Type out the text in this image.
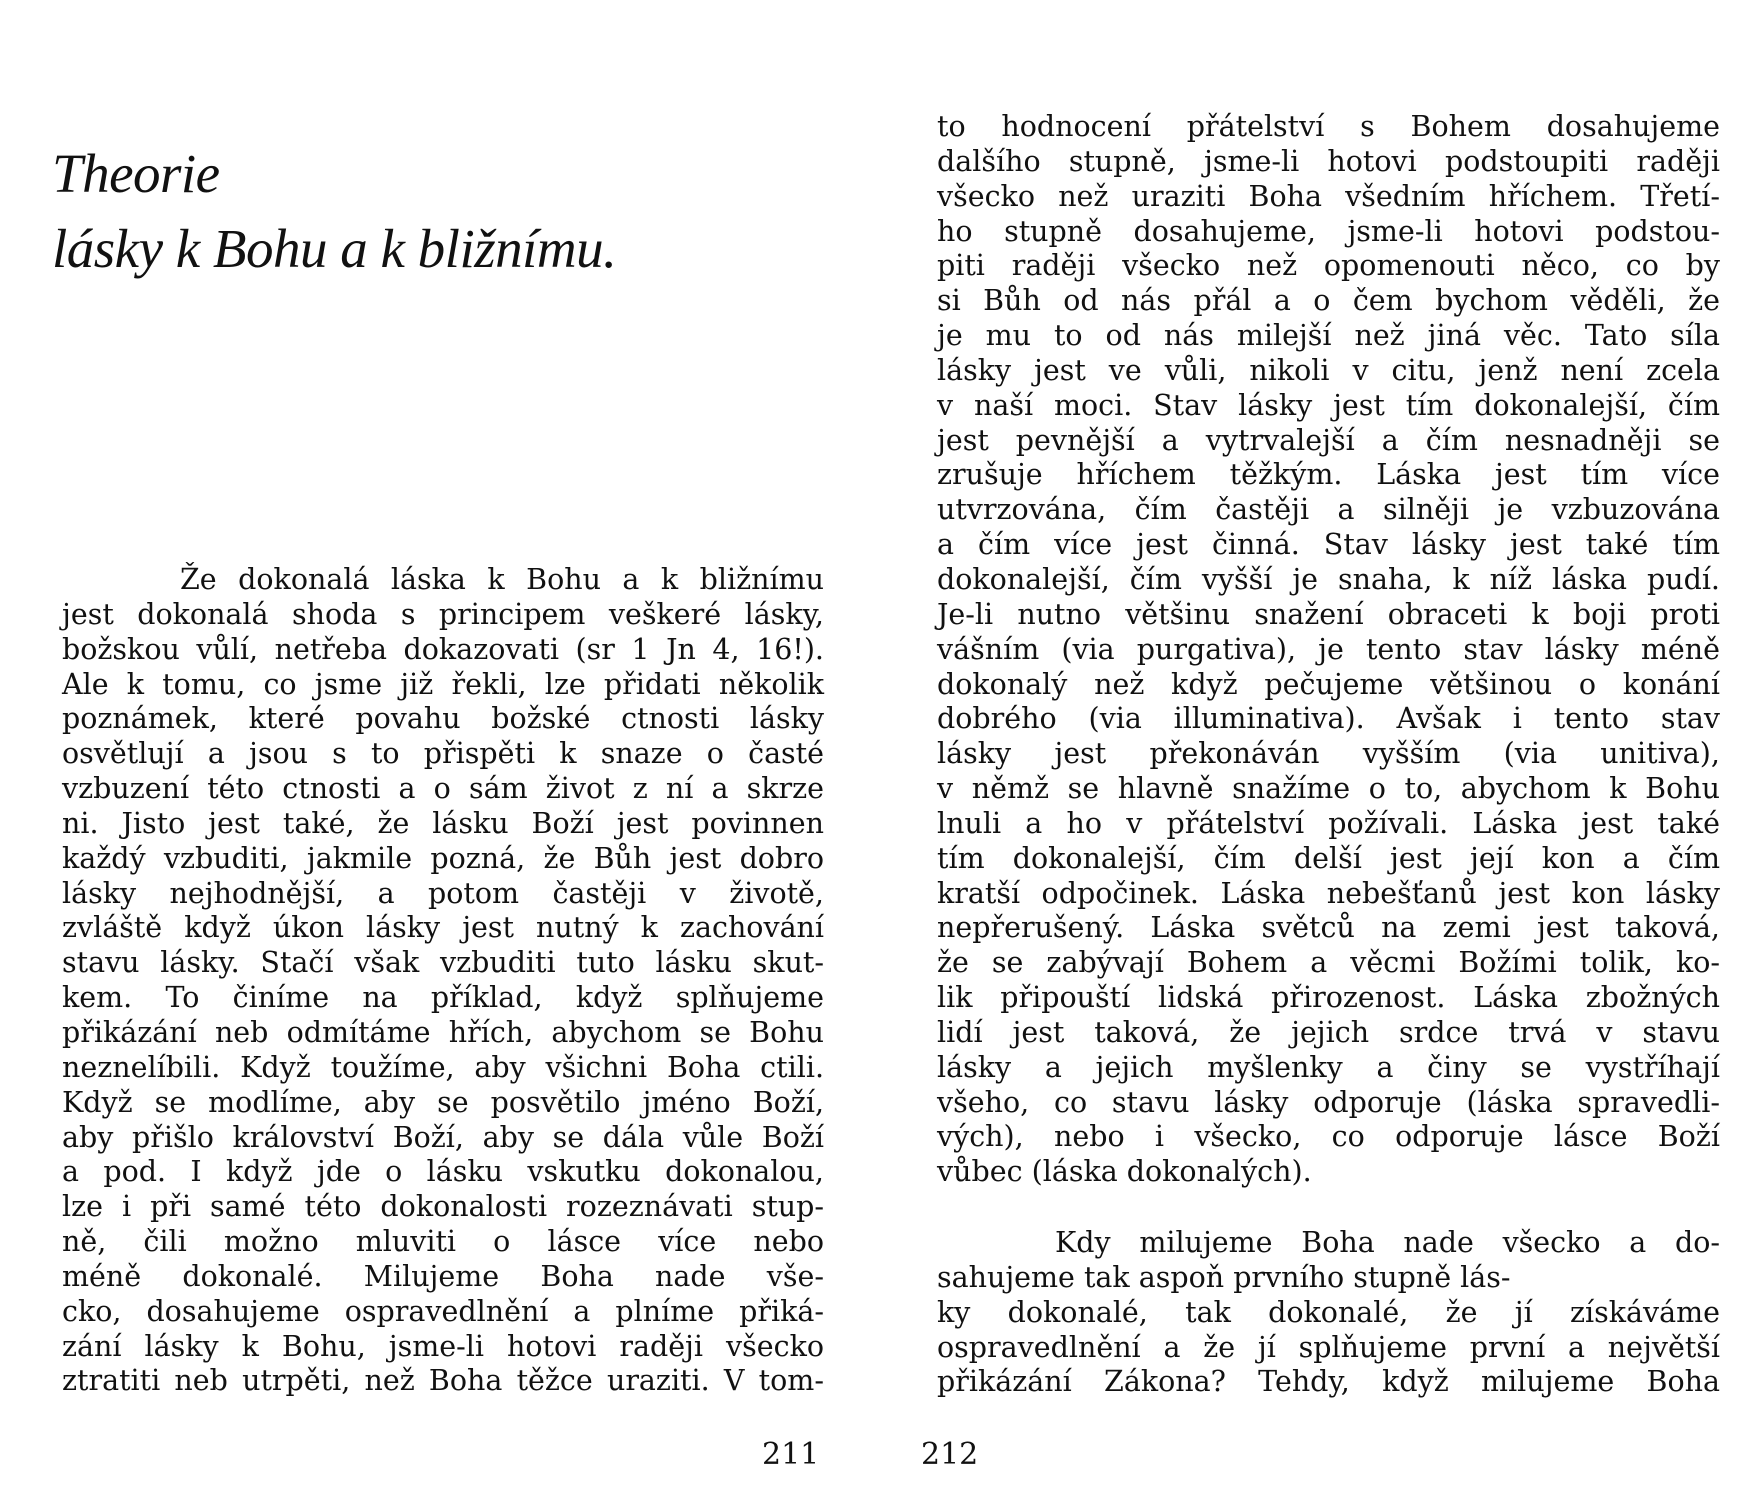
Theorie
lásky k Bohu a k bližnímu.
Že dokonalá láska k Bohu a k bližnímu
jest dokonalá shoda s principem veškeré lásky,
božskou vůlí, netřeba dokazovati (sr 1 Jn 4, 16!).
Ale k tomu, co jsme již řekli, lze přidati několik
poznámek, které povahu božské ctnosti lásky
osvětlují a jsou s to přispěti k snaze o časté
vzbuzení této ctnosti a o sám život z ní a skrze
ni. Jisto jest také, že lásku Boží jest povinnen
každý vzbuditi, jakmile pozná, že Bůh jest dobro
lásky nejhodnější, a potom častěji v životě,
zvláště když úkon lásky jest nutný k zachování
stavu lásky. Stačí však vzbuditi tuto lásku skut-
kem. To činíme na příklad, když splňujeme
přikázání neb odmítáme hřích, abychom se Bohu
neznelíbili. Když toužíme, aby všichni Boha ctili.
Když se modlíme, aby se posvětilo jméno Boží,
aby přišlo království Boží, aby se dála vůle Boží
a pod. I když jde o lásku vskutku dokonalou,
lze i při samé této dokonalosti rozeznávati stup-
ně, čili možno mluviti o lásce více nebo
méně dokonalé. Milujeme Boha nade vše-
cko, dosahujeme ospravedlnění a plníme přiká-
zání lásky k Bohu, jsme-li hotovi raději všecko
ztratiti neb utrpěti, než Boha těžce uraziti. V tom-
211
to hodnocení přátelství s Bohem dosahujeme
dalšího stupně, jsme-li hotovi podstoupiti raději
všecko než uraziti Boha všedním hříchem. Třetí-
ho stupně dosahujeme, jsme-li hotovi podstou-
piti raději všecko než opomenouti něco, co by
si Bůh od nás přál a o čem bychom věděli, že
je mu to od nás milejší než jiná věc. Tato síla
lásky jest ve vůli, nikoli v citu, jenž není zcela
v naší moci. Stav lásky jest tím dokonalejší, čím
jest pevnější a vytrvalejší a čím nesnadněji se
zrušuje hříchem těžkým. Láska jest tím více
utvrzována, čím častěji a silněji je vzbuzována
a čím více jest činná. Stav lásky jest také tím
dokonalejší, čím vyšší je snaha, k níž láska pudí.
Je-li nutno většinu snažení obraceti k boji proti
vášním (via purgativa), je tento stav lásky méně
dokonalý než když pečujeme většinou o konání
dobrého (via illuminativa). Avšak i tento stav
lásky jest překonáván vyšším (via unitiva),
v němž se hlavně snažíme o to, abychom k Bohu
lnuli a ho v přátelství požívali. Láska jest také
tím dokonalejší, čím delší jest její kon a čím
kratší odpočinek. Láska nebešťanů jest kon lásky
nepřerušený. Láska světců na zemi jest taková,
že se zabývají Bohem a věcmi Božími tolik, ko-
lik připouští lidská přirozenost. Láska zbožných
lidí jest taková, že jejich srdce trvá v stavu
lásky a jejich myšlenky a činy se vystříhají
všeho, co stavu lásky odporuje (láska spravedli-
vých), nebo i všecko, co odporuje lásce Boží
vůbec (láska dokonalých).
Kdy milujeme Boha nade všecko a do-
sahujeme tak aspoň prvního stupně lás-
ky dokonalé, tak dokonalé, že jí získáváme
ospravedlnění a že jí splňujeme první a největší
přikázání Zákona? Tehdy, když milujeme Boha
212
